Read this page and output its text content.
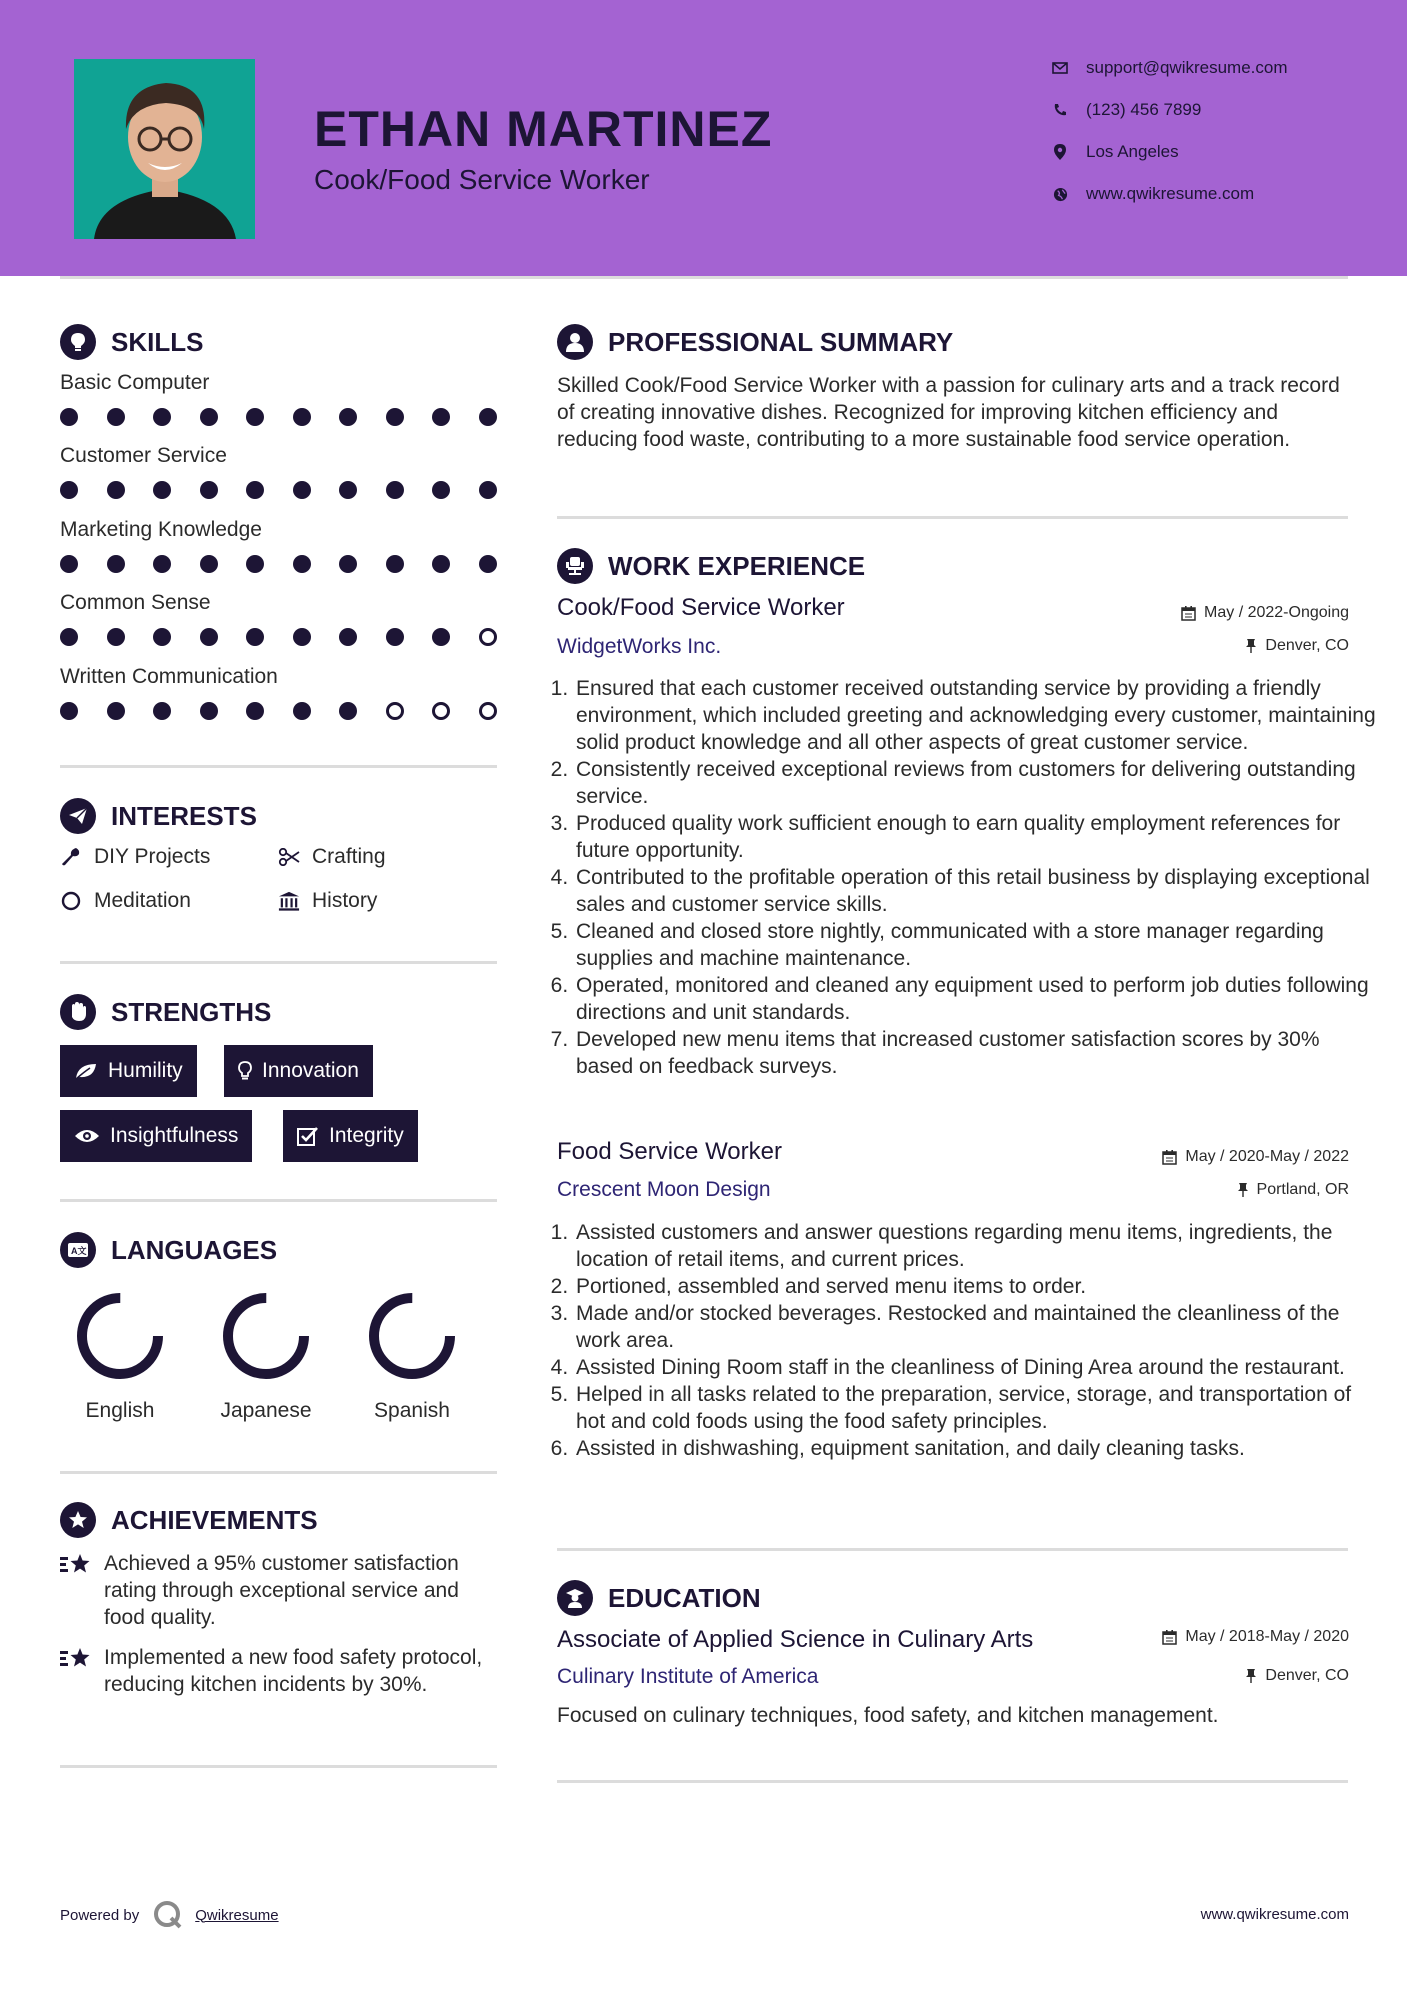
ETHAN MARTINEZ
Cook/Food Service Worker
support@qwikresume.com
(123) 456 7899
Los Angeles
www.qwikresume.com
SKILLS
Basic Computer
Customer Service
Marketing Knowledge
Common Sense
Written Communication
INTERESTS
DIY Projects	Crafting
Meditation	History
STRENGTHS
Humility	Innovation
Insightfulness	Integrity
A文 LANGUAGES
English	Japanese	Spanish
ACHIEVEMENTS
Achieved a 95% customer satisfaction rating through exceptional service and food quality.
Implemented a new food safety protocol, reducing kitchen incidents by 30%.
PROFESSIONAL SUMMARY
Skilled Cook/Food Service Worker with a passion for culinary arts and a track record of creating innovative dishes. Recognized for improving kitchen efficiency and reducing food waste, contributing to a more sustainable food service operation.
WORK EXPERIENCE
Cook/Food Service Worker	May / 2022-Ongoing
WidgetWorks Inc.	Denver, CO
1. Ensured that each customer received outstanding service by providing a friendly environment, which included greeting and acknowledging every customer, maintaining solid product knowledge and all other aspects of great customer service.
2. Consistently received exceptional reviews from customers for delivering outstanding service.
3. Produced quality work sufficient enough to earn quality employment references for future opportunity.
4. Contributed to the profitable operation of this retail business by displaying exceptional sales and customer service skills.
5. Cleaned and closed store nightly, communicated with a store manager regarding supplies and machine maintenance.
6. Operated, monitored and cleaned any equipment used to perform job duties following directions and unit standards.
7. Developed new menu items that increased customer satisfaction scores by 30% based on feedback surveys.
Food Service Worker	May / 2020-May / 2022
Crescent Moon Design	Portland, OR
1. Assisted customers and answer questions regarding menu items, ingredients, the location of retail items, and current prices.
2. Portioned, assembled and served menu items to order.
3. Made and/or stocked beverages. Restocked and maintained the cleanliness of the work area.
4. Assisted Dining Room staff in the cleanliness of Dining Area around the restaurant.
5. Helped in all tasks related to the preparation, service, storage, and transportation of hot and cold foods using the food safety principles.
6. Assisted in dishwashing, equipment sanitation, and daily cleaning tasks.
EDUCATION
Associate of Applied Science in Culinary Arts	May / 2018-May / 2020
Culinary Institute of America	Denver, CO
Focused on culinary techniques, food safety, and kitchen management.
Powered by	Qwikresume	www.qwikresume.com
